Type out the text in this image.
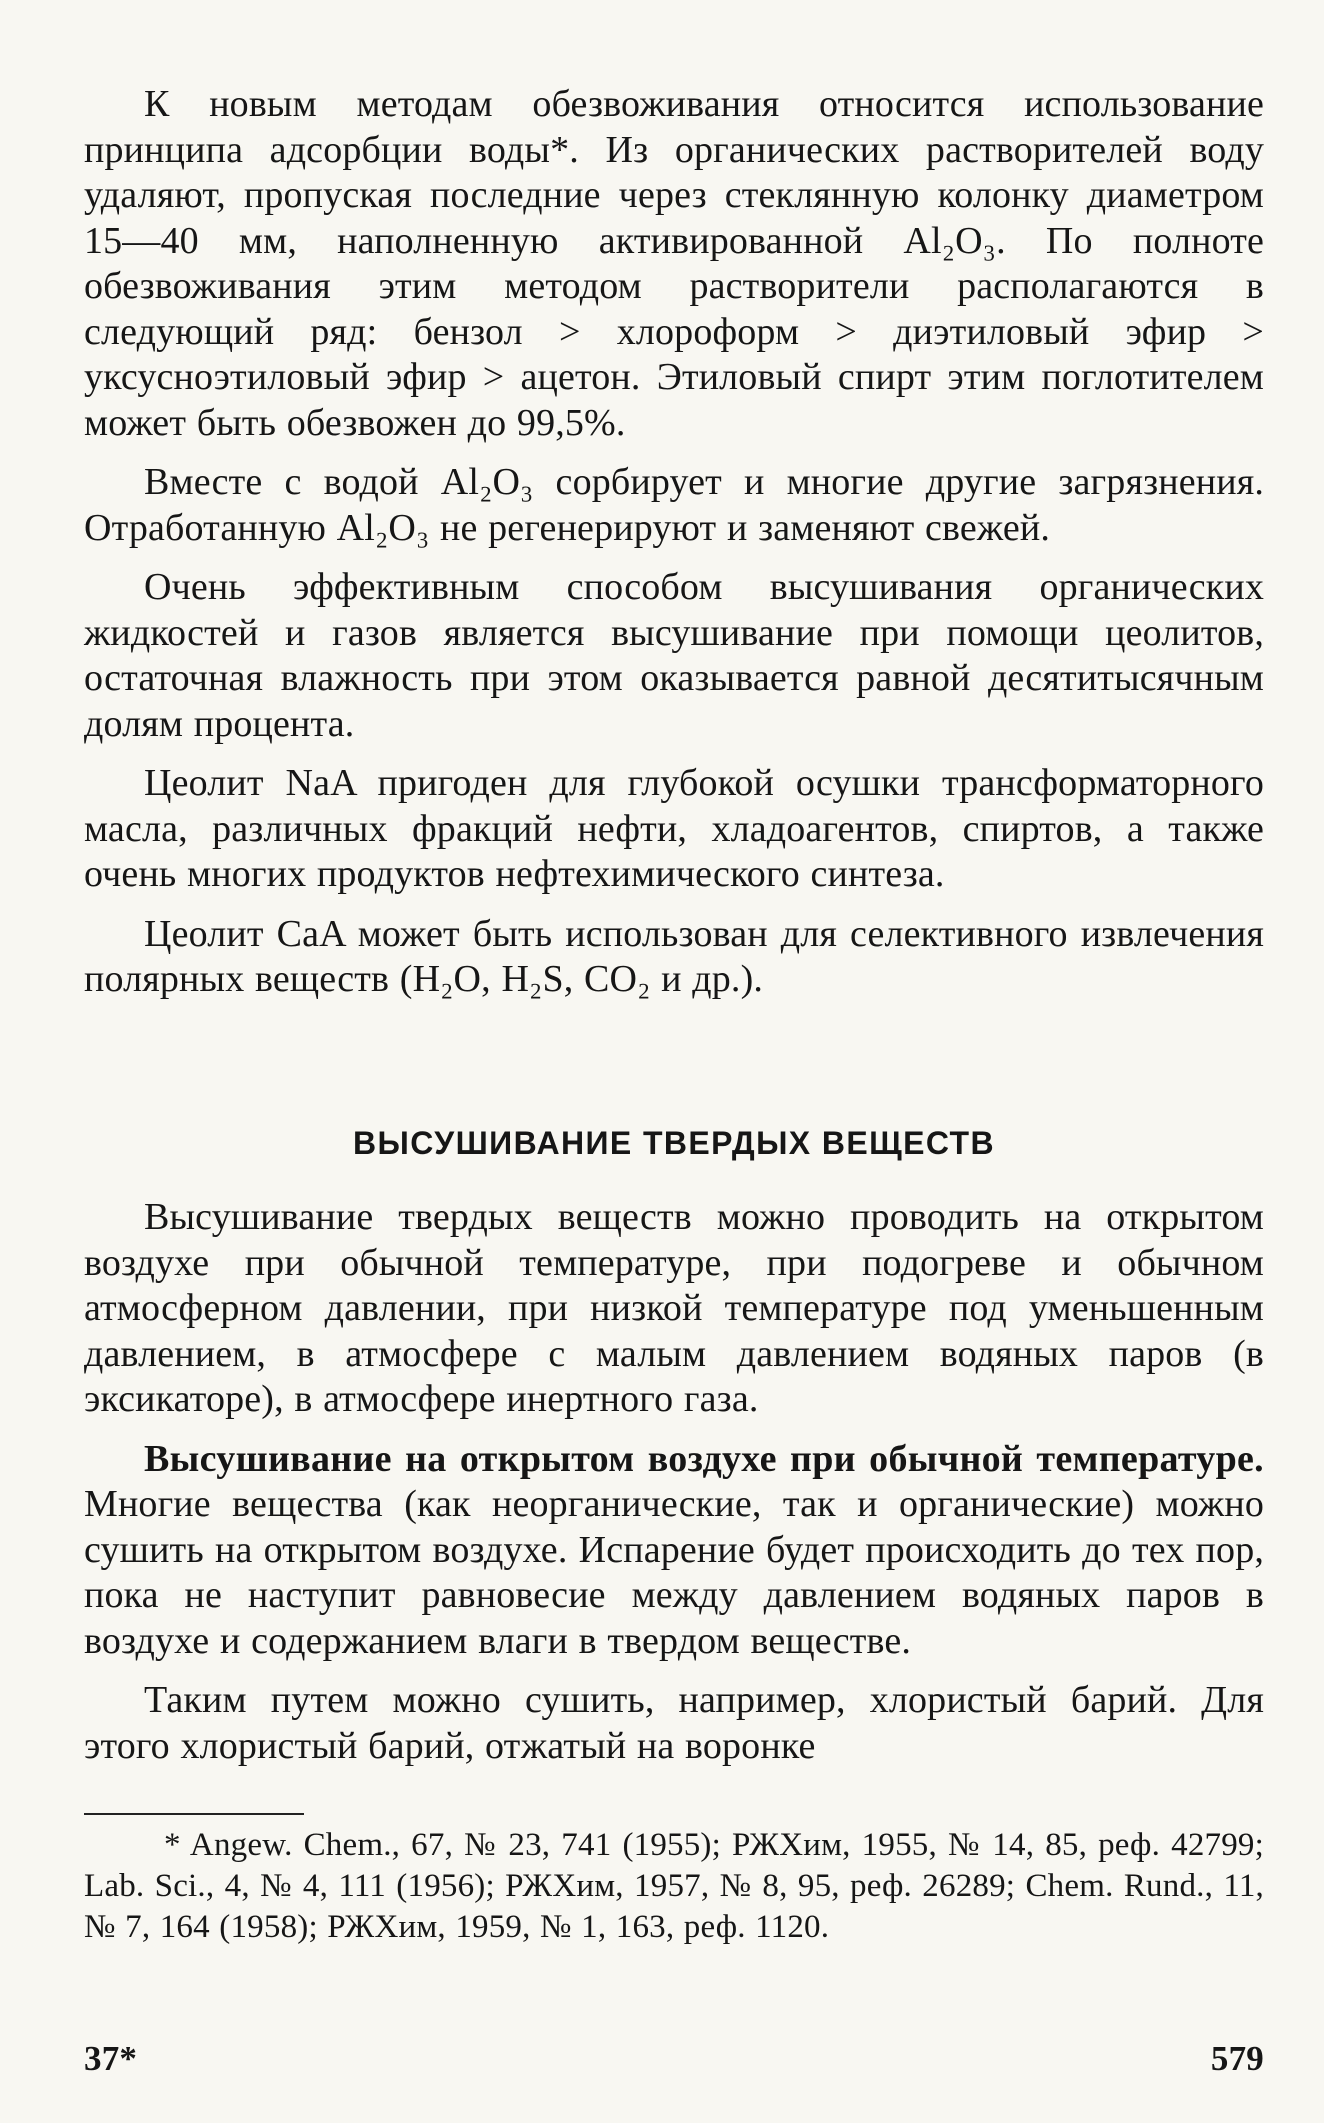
К новым методам обезвоживания относится использование принципа адсорбции воды*. Из органических растворителей воду удаляют, пропуская последние через стеклянную колонку диаметром 15—40 мм, наполненную активированной Al₂O₃. По полноте обезвоживания этим методом растворители располагаются в следующий ряд: бензол > хлороформ > диэтиловый эфир > уксусноэтиловый эфир > ацетон. Этиловый спирт этим поглотителем может быть обезвожен до 99,5%.

Вместе с водой Al₂O₃ сорбирует и многие другие загрязнения. Отработанную Al₂O₃ не регенерируют и заменяют свежей.

Очень эффективным способом высушивания органических жидкостей и газов является высушивание при помощи цеолитов, остаточная влажность при этом оказывается равной десятитысячным долям процента.

Цеолит NaA пригоден для глубокой осушки трансформаторного масла, различных фракций нефти, хладоагентов, спиртов, а также очень многих продуктов нефтехимического синтеза.

Цеолит CaA может быть использован для селективного извлечения полярных веществ (H₂O, H₂S, CO₂ и др.).

ВЫСУШИВАНИЕ ТВЕРДЫХ ВЕЩЕСТВ

Высушивание твердых веществ можно проводить на открытом воздухе при обычной температуре, при подогреве и обычном атмосферном давлении, при низкой температуре под уменьшенным давлением, в атмосфере с малым давлением водяных паров (в эксикаторе), в атмосфере инертного газа.

Высушивание на открытом воздухе при обычной температуре. Многие вещества (как неорганические, так и органические) можно сушить на открытом воздухе. Испарение будет происходить до тех пор, пока не наступит равновесие между давлением водяных паров в воздухе и содержанием влаги в твердом веществе.

Таким путем можно сушить, например, хлористый барий. Для этого хлористый барий, отжатый на воронке

* Angew. Chem., 67, № 23, 741 (1955); РЖХим, 1955, № 14, 85, реф. 42799; Lab. Sci., 4, № 4, 111 (1956); РЖХим, 1957, № 8, 95, реф. 26289; Chem. Rund., 11, № 7, 164 (1958); РЖХим, 1959, № 1, 163, реф. 1120.

37*	579
